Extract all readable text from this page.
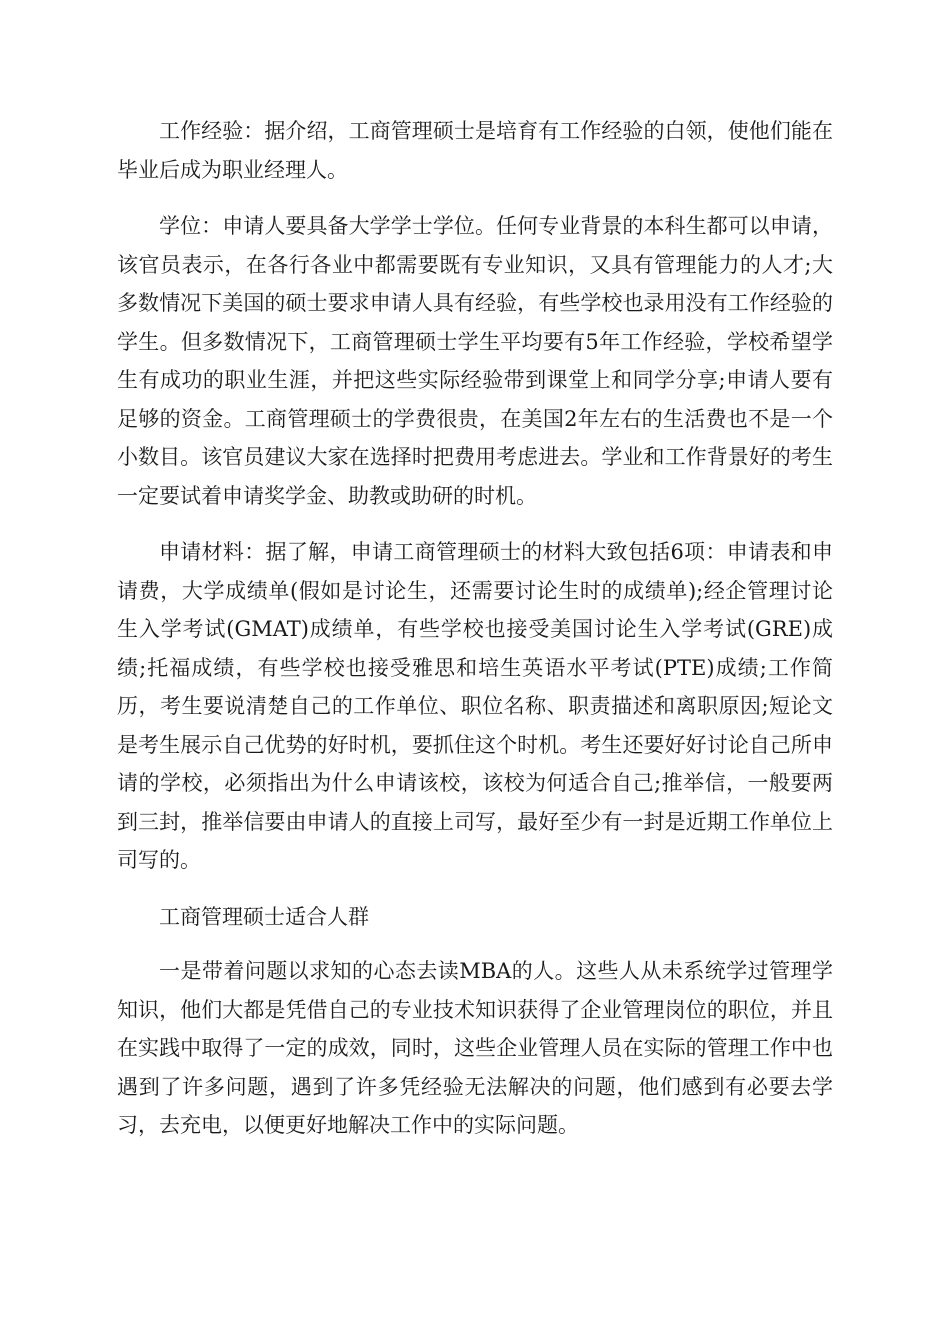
工作经验：据介绍，工商管理硕士是培育有工作经验的白领，使他们能在毕业后成为职业经理人。

学位：申请人要具备大学学士学位。任何专业背景的本科生都可以申请，该官员表示，在各行各业中都需要既有专业知识，又具有管理能力的人才;大多数情况下美国的硕士要求申请人具有经验，有些学校也录用没有工作经验的学生。但多数情况下，工商管理硕士学生平均要有5年工作经验，学校希望学生有成功的职业生涯，并把这些实际经验带到课堂上和同学分享;申请人要有足够的资金。工商管理硕士的学费很贵，在美国2年左右的生活费也不是一个小数目。该官员建议大家在选择时把费用考虑进去。学业和工作背景好的考生一定要试着申请奖学金、助教或助研的时机。

申请材料：据了解，申请工商管理硕士的材料大致包括6项：申请表和申请费，大学成绩单(假如是讨论生，还需要讨论生时的成绩单);经企管理讨论生入学考试(GMAT)成绩单，有些学校也接受美国讨论生入学考试(GRE)成绩;托福成绩，有些学校也接受雅思和培生英语水平考试(PTE)成绩;工作简历，考生要说清楚自己的工作单位、职位名称、职责描述和离职原因;短论文是考生展示自己优势的好时机，要抓住这个时机。考生还要好好讨论自己所申请的学校，必须指出为什么申请该校，该校为何适合自己;推举信，一般要两到三封，推举信要由申请人的直接上司写，最好至少有一封是近期工作单位上司写的。

工商管理硕士适合人群

一是带着问题以求知的心态去读MBA的人。这些人从未系统学过管理学知识，他们大都是凭借自己的专业技术知识获得了企业管理岗位的职位，并且在实践中取得了一定的成效，同时，这些企业管理人员在实际的管理工作中也遇到了许多问题，遇到了许多凭经验无法解决的问题，他们感到有必要去学习，去充电，以便更好地解决工作中的实际问题。
